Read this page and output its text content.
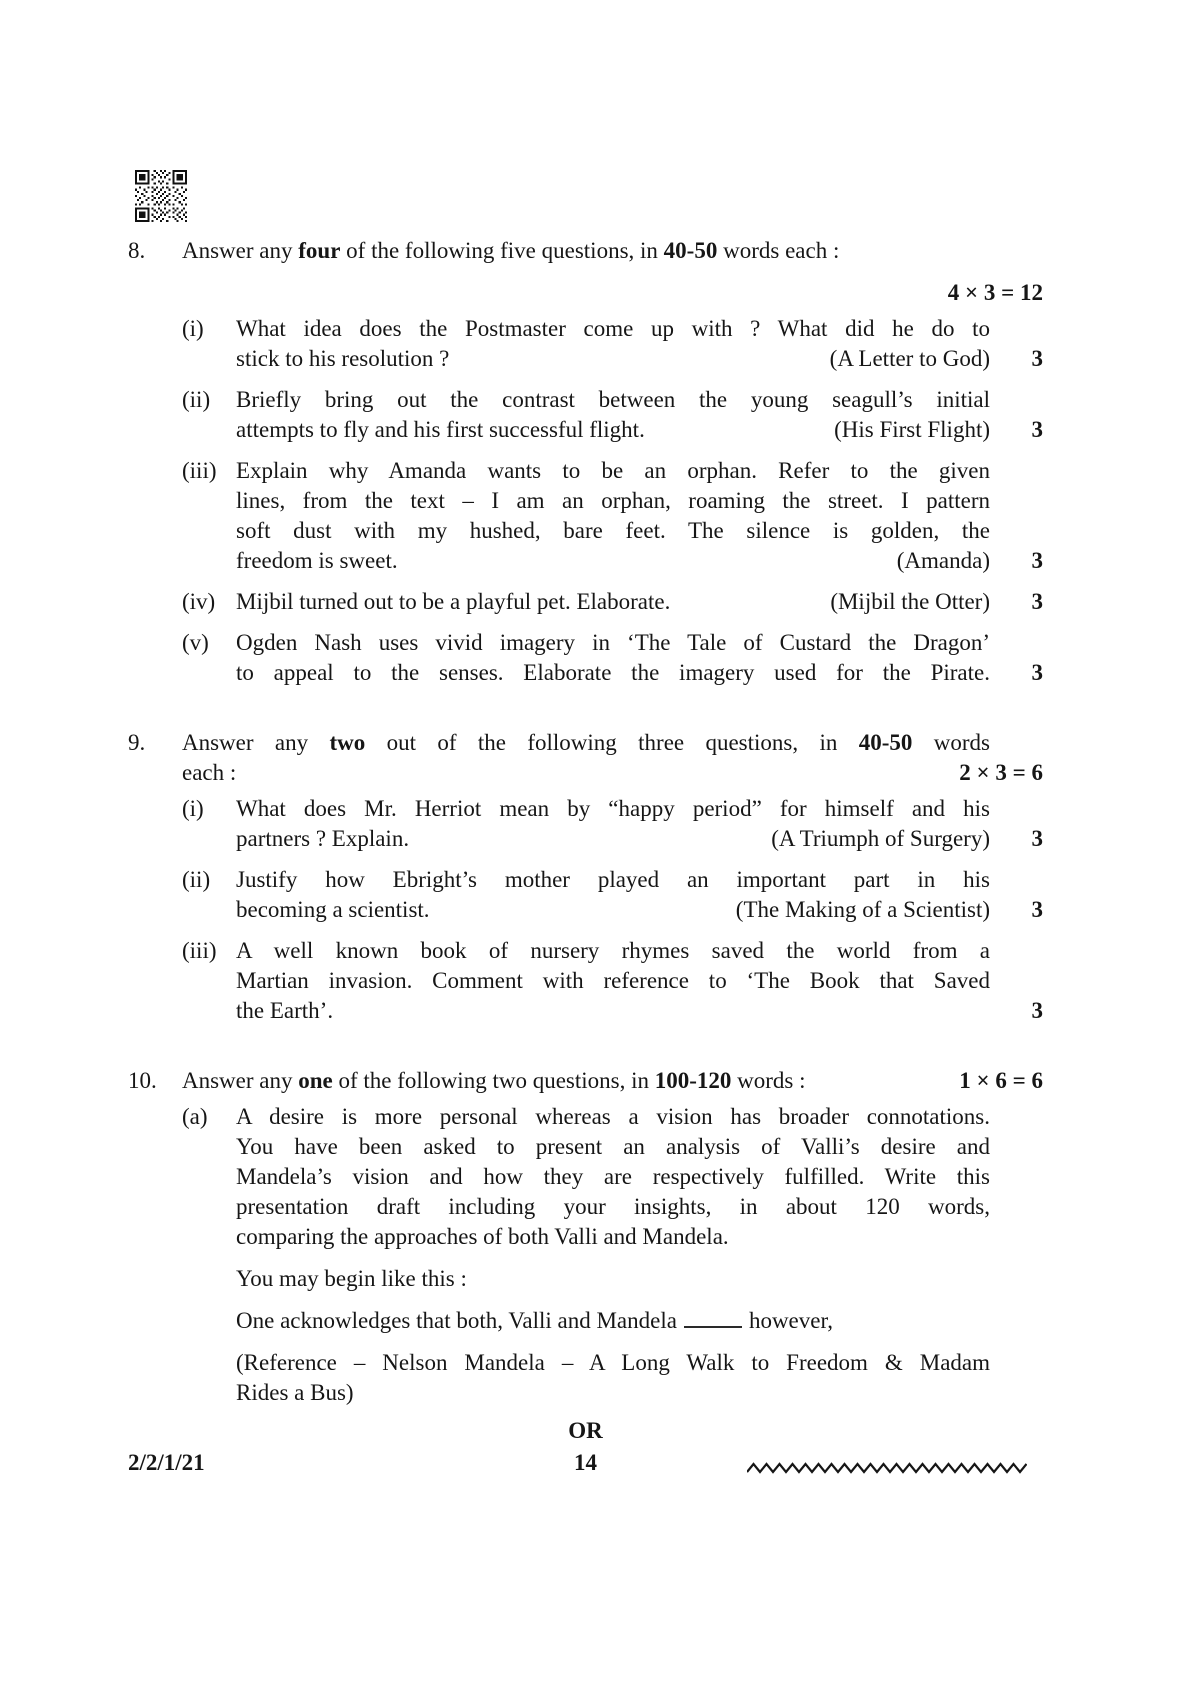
8.	Answer any four of the following five questions, in 40-50 words each :
4 × 3 = 12
(i)	What idea does the Postmaster come up with ? What did he do to
stick to his resolution ?	(A Letter to God)	3
(ii)	Briefly bring out the contrast between the young seagull’s initial
attempts to fly and his first successful flight.	(His First Flight)	3
(iii) Explain why Amanda wants to be an orphan. Refer to the given
lines, from the text – I am an orphan, roaming the street. I pattern
soft dust with my hushed, bare feet. The silence is golden, the
freedom is sweet.	(Amanda)	3
(iv) Mijbil turned out to be a playful pet. Elaborate.	(Mijbil the Otter)	3
(v)	Ogden Nash uses vivid imagery in ‘The Tale of Custard the Dragon’
to appeal to the senses. Elaborate the imagery used for the Pirate.	3
9.	Answer any two out of the following three questions, in 40-50 words
each :	2 × 3 = 6
(i)	What does Mr. Herriot mean by “happy period” for himself and his
partners ? Explain.	(A Triumph of Surgery)	3
(ii)	Justify how Ebright’s mother played an important part in his
becoming a scientist.	(The Making of a Scientist)	3
(iii) A well known book of nursery rhymes saved the world from a
Martian invasion. Comment with reference to ‘The Book that Saved
the Earth’.	3
10.	Answer any one of the following two questions, in 100-120 words :	1 × 6 = 6
(a)	A desire is more personal whereas a vision has broader connotations.
You have been asked to present an analysis of Valli’s desire and
Mandela’s vision and how they are respectively fulfilled. Write this
presentation draft including your insights, in about 120 words,
comparing the approaches of both Valli and Mandela.
You may begin like this :
One acknowledges that both, Valli and Mandela	however,
(Reference – Nelson Mandela – A Long Walk to Freedom & Madam
Rides a Bus)
OR
2/2/1/21	14
